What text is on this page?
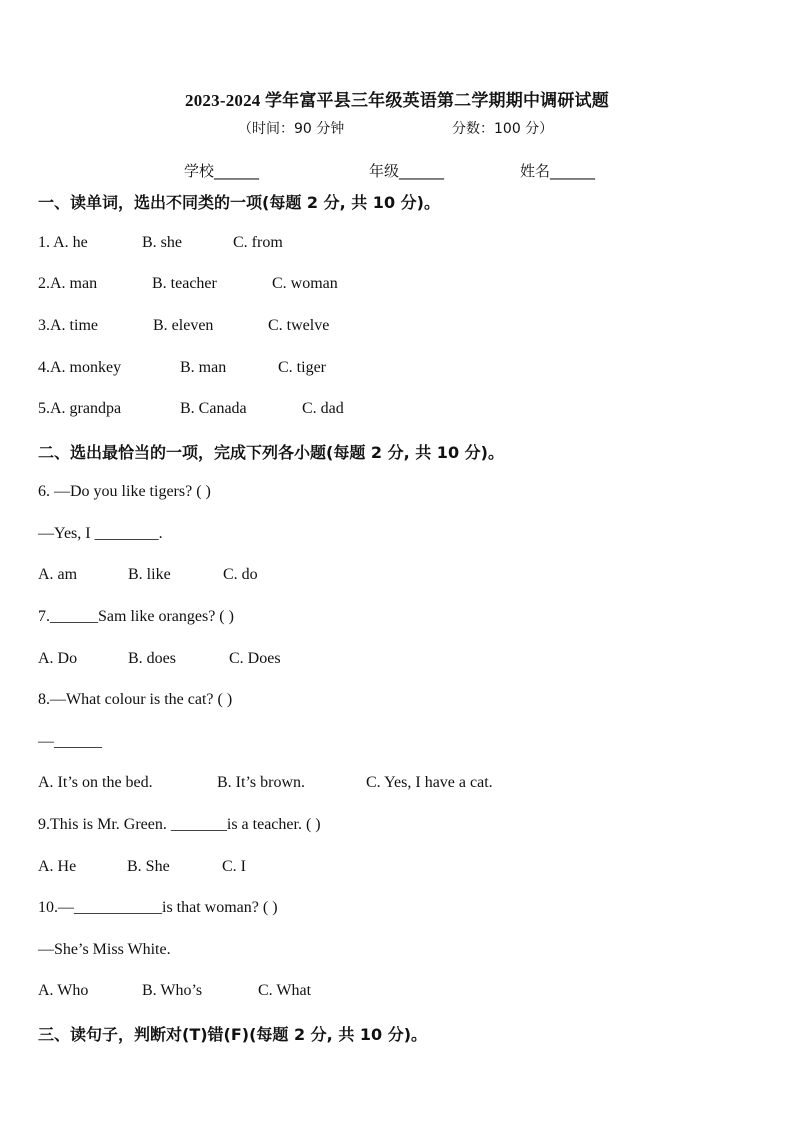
2023-2024 学年富平县三年级英语第二学期期中调研试题
（时间：90 分钟	分数：100 分）
学校______	年级______	姓名______
一、读单词，选出不同类的一项(每题 2 分, 共 10 分)。
1. A. he	B. she	C. from
2.A. man	B. teacher	C. woman
3.A. time	B. eleven	C. twelve
4.A. monkey	B. man	C. tiger
5.A. grandpa	B. Canada	C. dad
二、选出最恰当的一项，完成下列各小题(每题 2 分, 共 10 分)。
6. —Do you like tigers? ( )
—Yes, I ________.
A. am	B. like	C. do
7.______Sam like oranges? ( )
A. Do	B. does	C. Does
8.—What colour is the cat? ( )
—______
A. It’s on the bed.	B. It’s brown.	C. Yes, I have a cat.
9.This is Mr. Green. _______is a teacher. ( )
A. He	B. She	C. I
10.—___________is that woman? ( )
—She’s Miss White.
A. Who	B. Who’s	C. What
三、读句子，判断对(T)错(F)(每题 2 分, 共 10 分)。
